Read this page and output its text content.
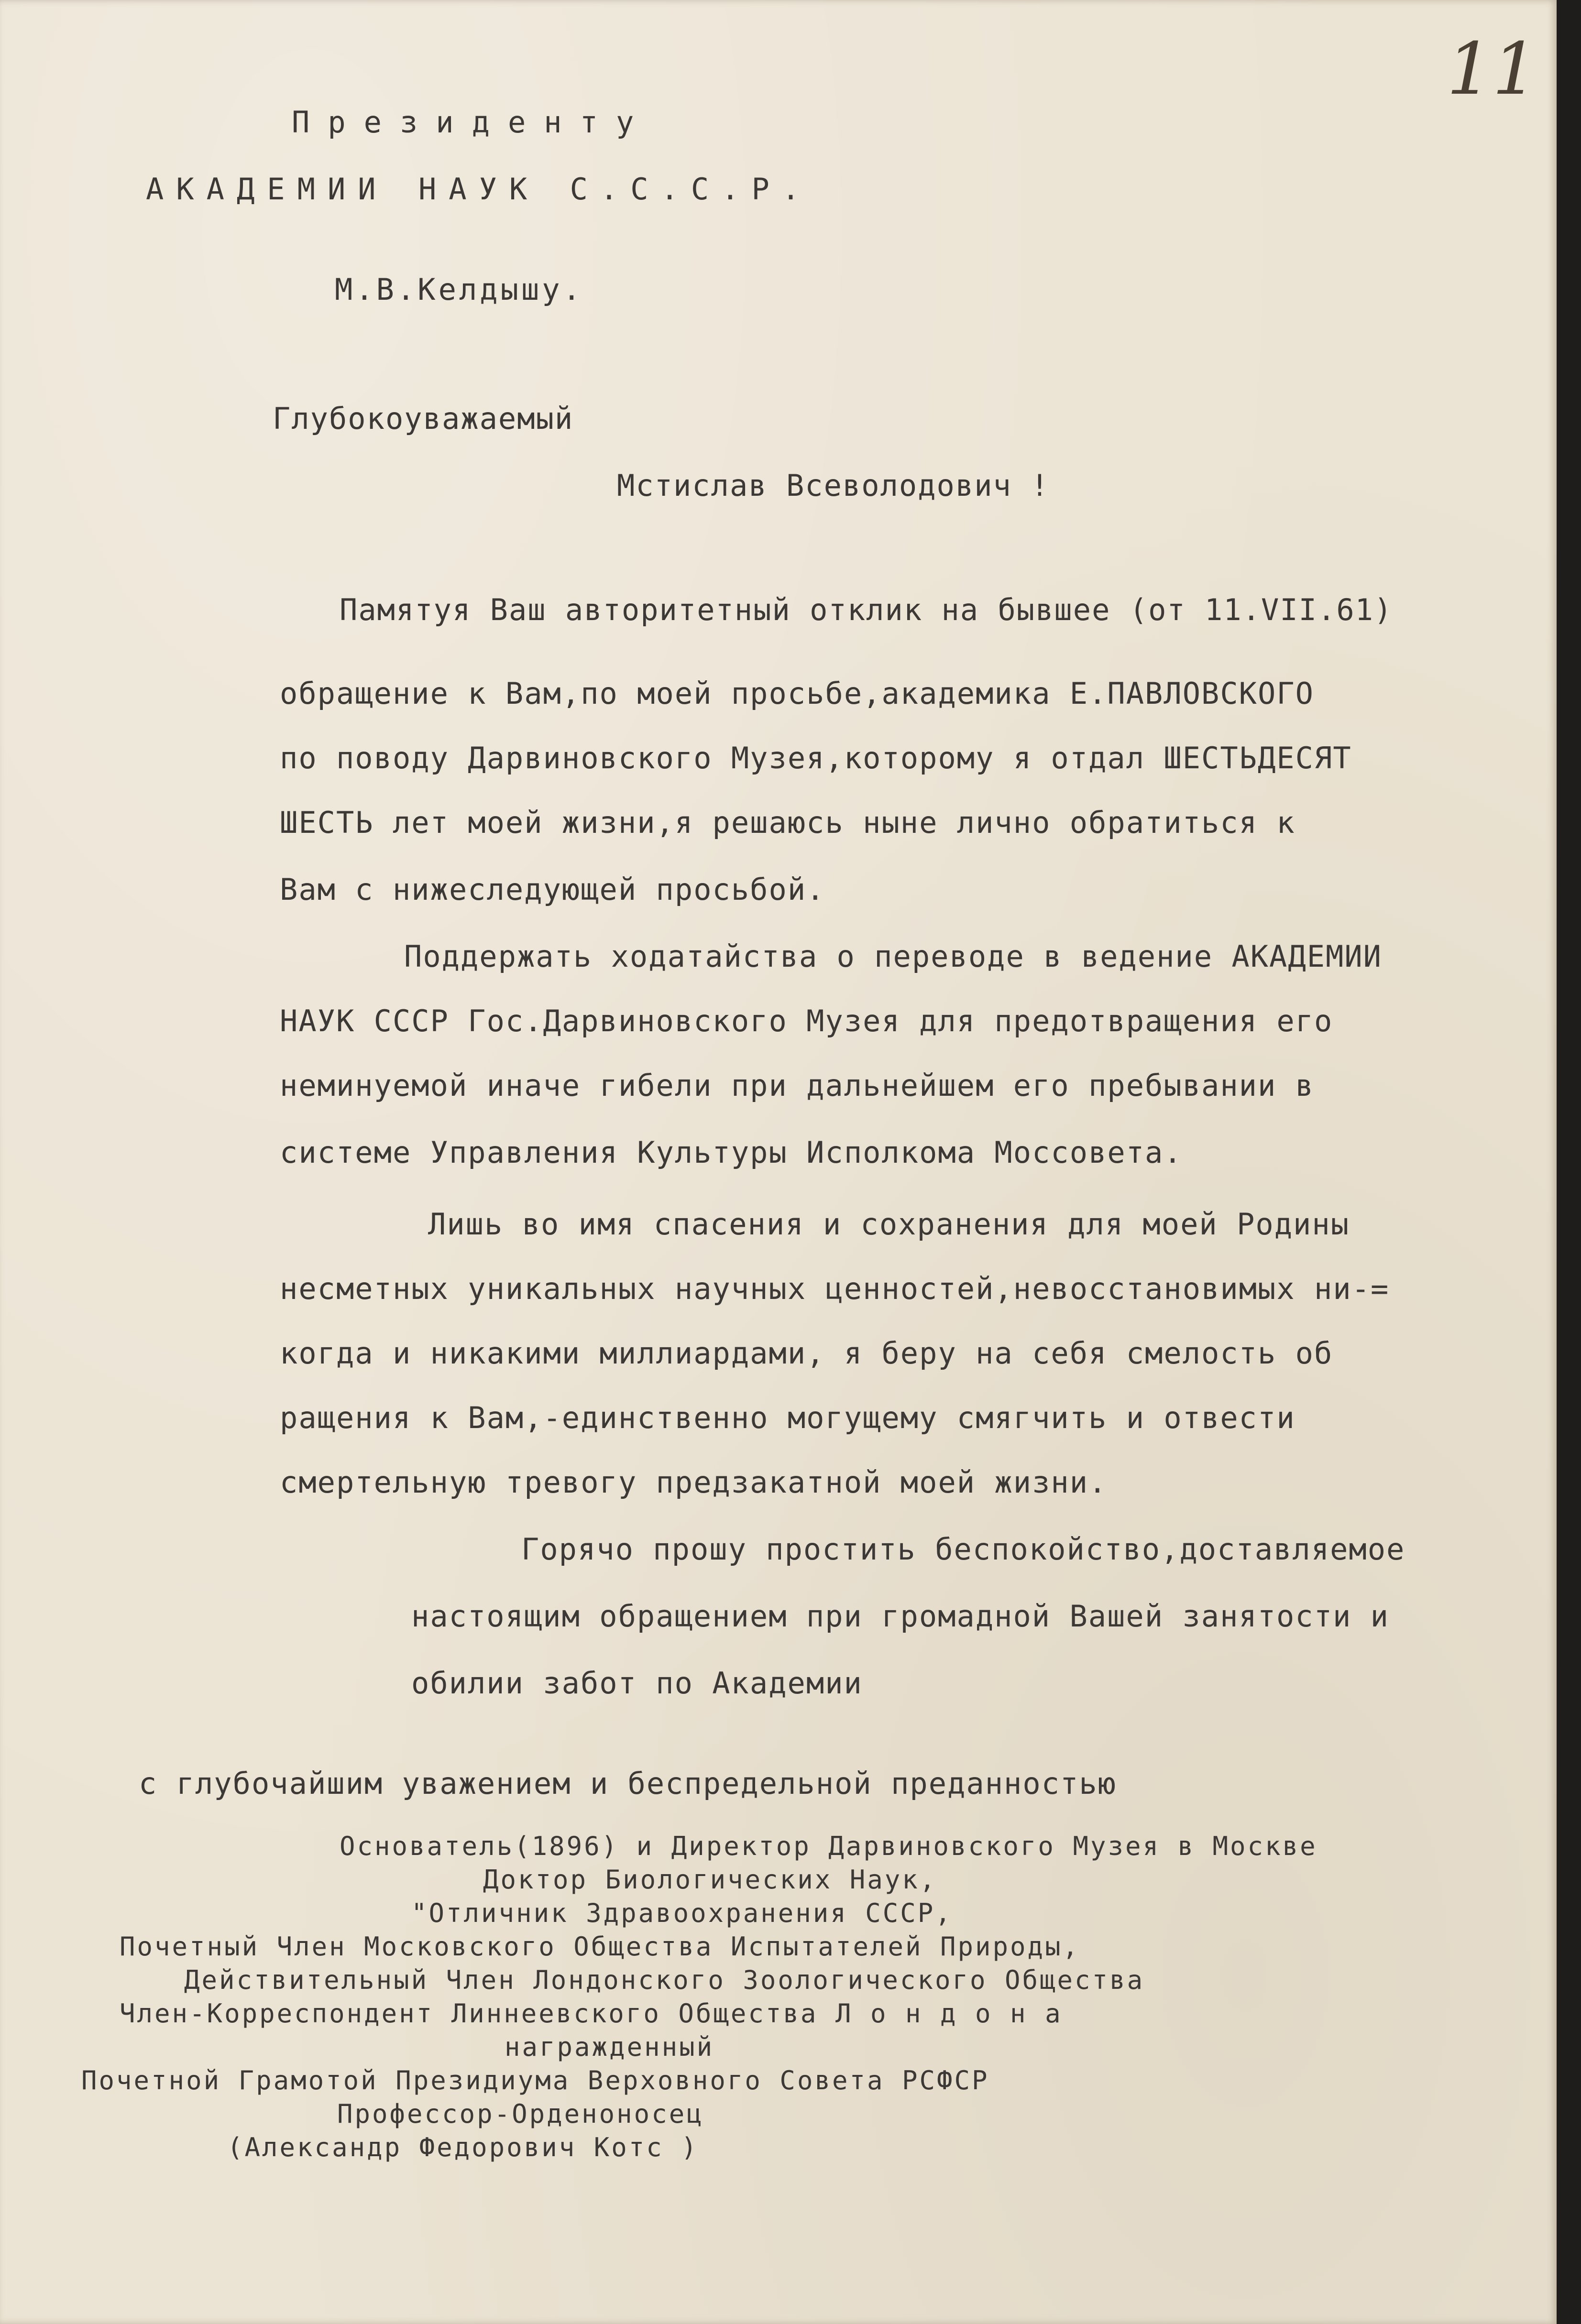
11
Президенту
АКАДЕМИИ НАУК С.С.С.Р.
М.В.Келдышу.
Глубокоуважаемый
Мстислав Всеволодович !
Памятуя Ваш авторитетный отклик на бывшее (от 11.VII.61)
обращение к Вам,по моей просьбе,академика Е.ПАВЛОВСКОГО
по поводу Дарвиновского Музея,которому я отдал ШЕСТЬДЕСЯТ
ШЕСТЬ лет моей жизни,я решаюсь ныне лично обратиться к
Вам с нижеследующей просьбой.
Поддержать ходатайства о переводе в ведение АКАДЕМИИ
НАУК СССР Гос.Дарвиновского Музея для предотвращения его
неминуемой иначе гибели при дальнейшем его пребывании в
системе Управления Культуры Исполкома Моссовета.
Лишь во имя спасения и сохранения для моей Родины
несметных уникальных научных ценностей,невосстановимых ни-=
когда и никакими миллиардами, я беру на себя смелость об
ращения к Вам,-единственно могущему смягчить и отвести
смертельную тревогу предзакатной моей жизни.
Горячо прошу простить беспокойство,доставляемое
настоящим обращением при громадной Вашей занятости и
обилии забот по Академии
с глубочайшим уважением и беспредельной преданностью
Основатель(1896) и Директор Дарвиновского Музея в Москве
Доктор Биологических Наук,
"Отличник Здравоохранения СССР,
Почетный Член Московского Общества Испытателей Природы,
Действительный Член Лондонского Зоологического Общества
Член-Корреспондент Линнеевского Общества Л о н д о н а
награжденный
Почетной Грамотой Президиума Верховного Совета РСФСР
Профессор-Орденоносец
(Александр Федорович Котс )
